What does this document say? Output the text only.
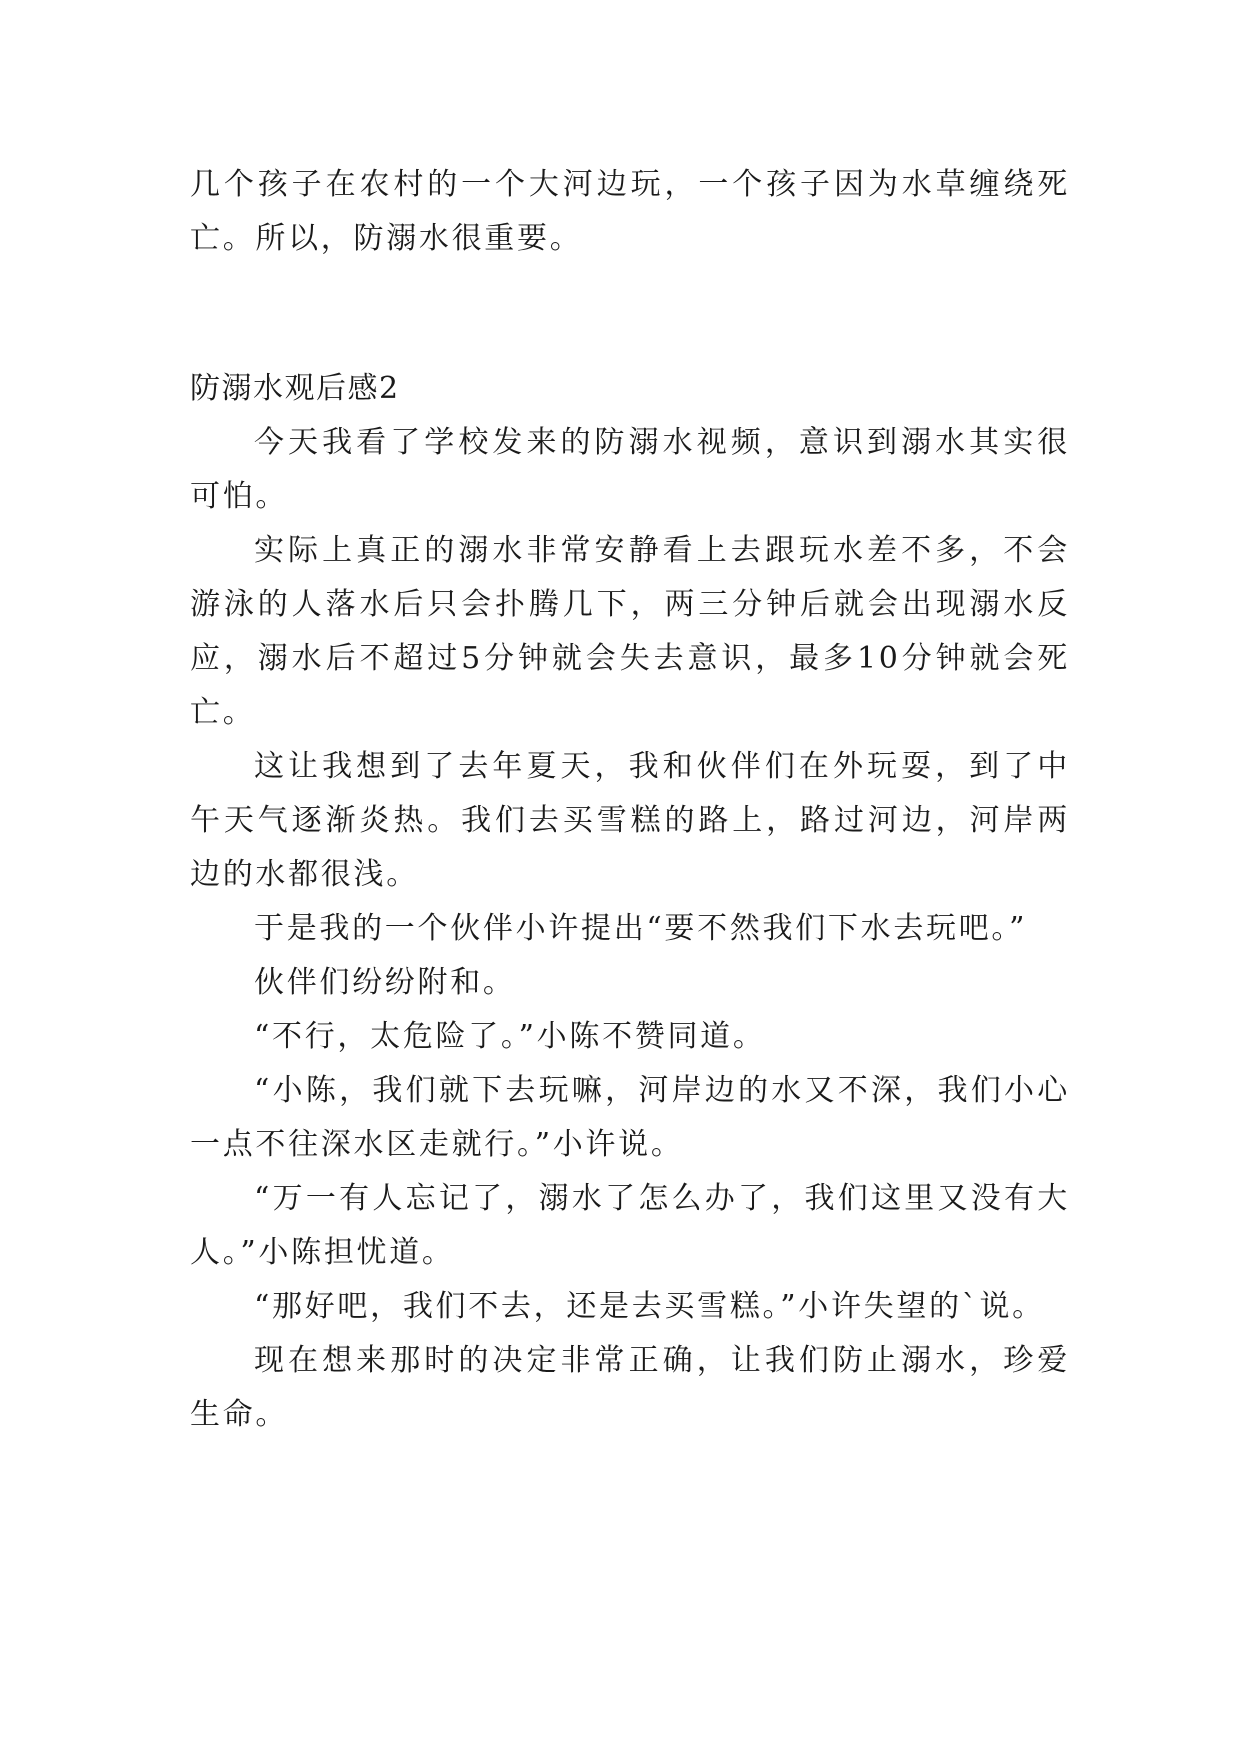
几个孩子在农村的一个大河边玩，一个孩子因为水草缠绕死亡。所以，防溺水很重要。

防溺水观后感2

今天我看了学校发来的防溺水视频，意识到溺水其实很可怕。

实际上真正的溺水非常安静看上去跟玩水差不多，不会游泳的人落水后只会扑腾几下，两三分钟后就会出现溺水反应，溺水后不超过5分钟就会失去意识，最多10分钟就会死亡。

这让我想到了去年夏天，我和伙伴们在外玩耍，到了中午天气逐渐炎热。我们去买雪糕的路上，路过河边，河岸两边的水都很浅。

于是我的一个伙伴小许提出“要不然我们下水去玩吧。”

伙伴们纷纷附和。

“不行，太危险了。”小陈不赞同道。

“小陈，我们就下去玩嘛，河岸边的水又不深，我们小心一点不往深水区走就行。”小许说。

“万一有人忘记了，溺水了怎么办了，我们这里又没有大人。”小陈担忧道。

“那好吧，我们不去，还是去买雪糕。”小许失望的`说。

现在想来那时的决定非常正确，让我们防止溺水，珍爱生命。
